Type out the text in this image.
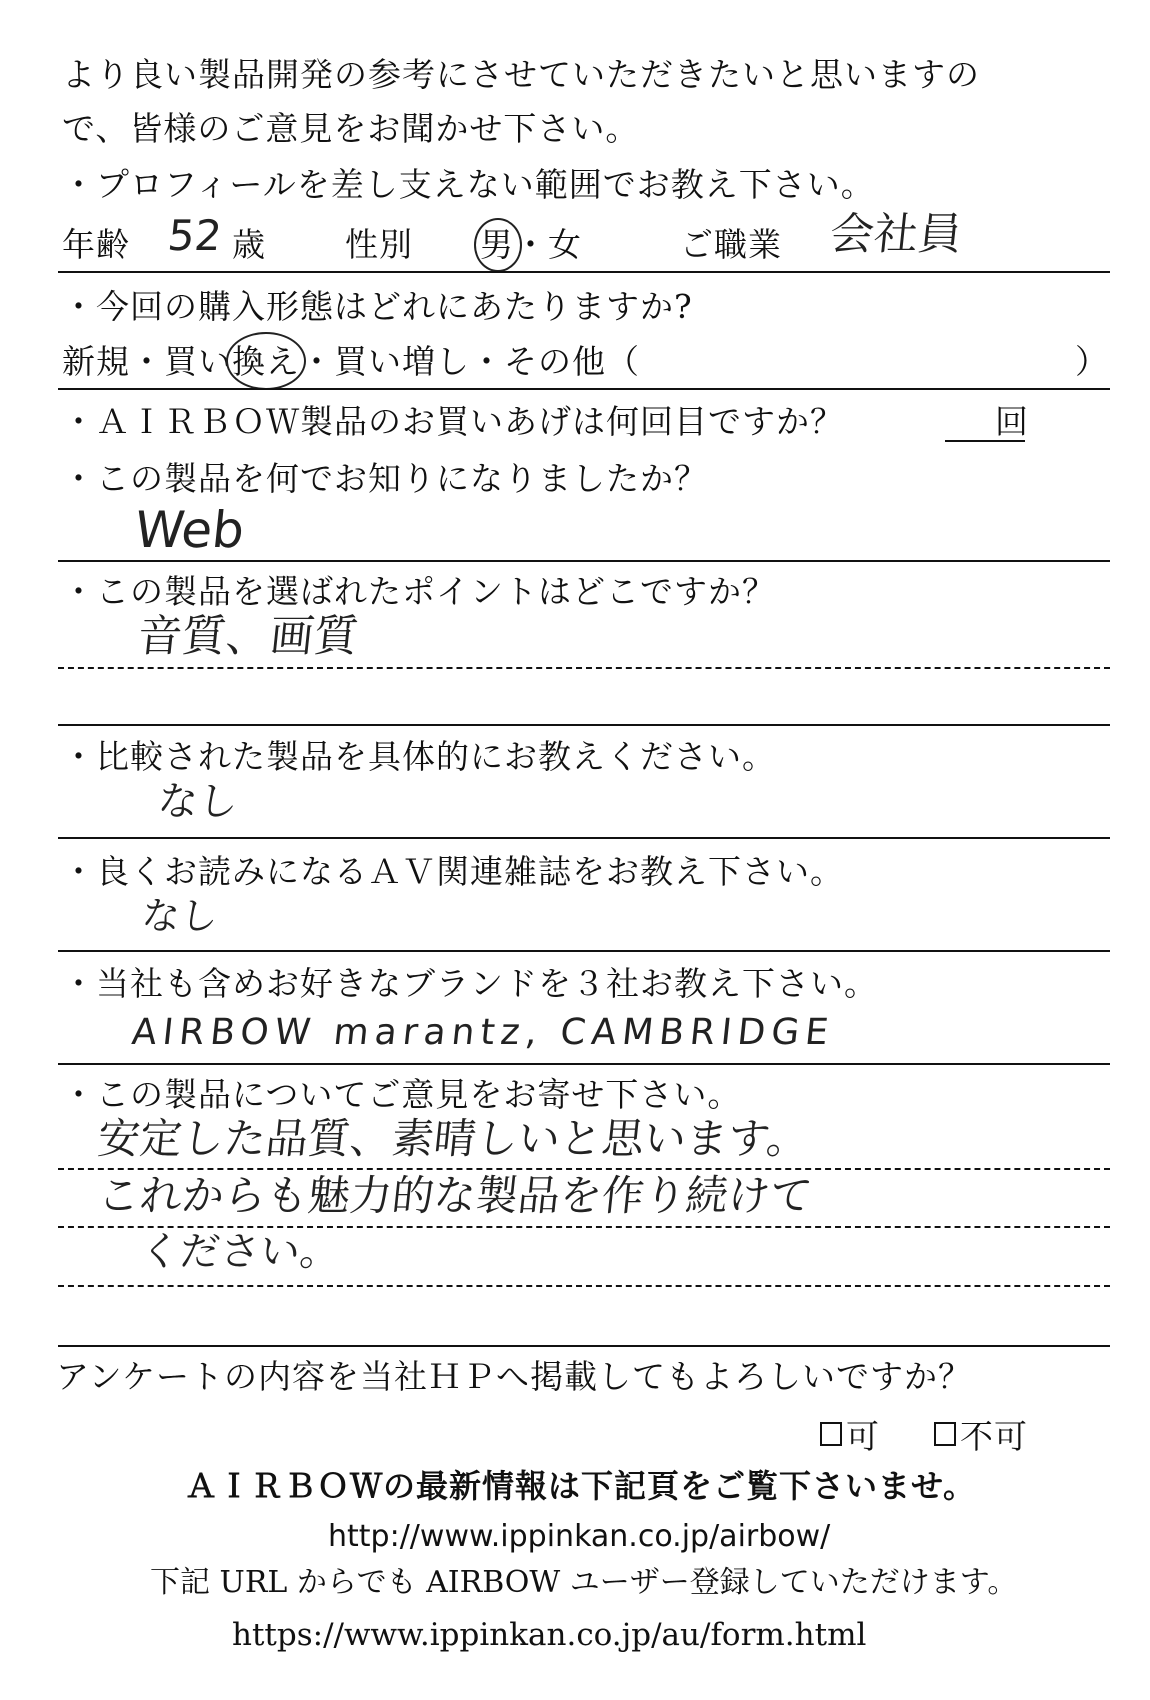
より良い製品開発の参考にさせていただきたいと思いますの
で、皆様のご意見をお聞かせ下さい。
・プロフィールを差し支えない範囲でお教え下さい。
年齢 52 歳 性別 男・女	ご職業 会社員
・今回の購入形態はどれにあたりますか?
新規・買い換え・買い増し・その他（	）
・ＡＩＲＢＯＷ製品のお買いあげは何回目ですか？	回
・この製品を何でお知りになりましたか？
Web
・この製品を選ばれたポイントはどこですか？
音質、画質
・比較された製品を具体的にお教えください。
なし
・良くお読みになるＡＶ関連雑誌をお教え下さい。
なし
・当社も含めお好きなブランドを３社お教え下さい。
AIRBOW marantz, CAMBRIDGE
・この製品についてご意見をお寄せ下さい。
安定した品質、素晴しいと思います。
これからも魅力的な製品を作り続けて
ください。
アンケートの内容を当社ＨＰへ掲載してもよろしいですか？
可 不可
ＡＩＲＢＯＷの最新情報は下記頁をご覧下さいませ。
http://www.ippinkan.co.jp/airbow/
下記 URL からでも AIRBOW ユーザー登録していただけます。
https://www.ippinkan.co.jp/au/form.html
